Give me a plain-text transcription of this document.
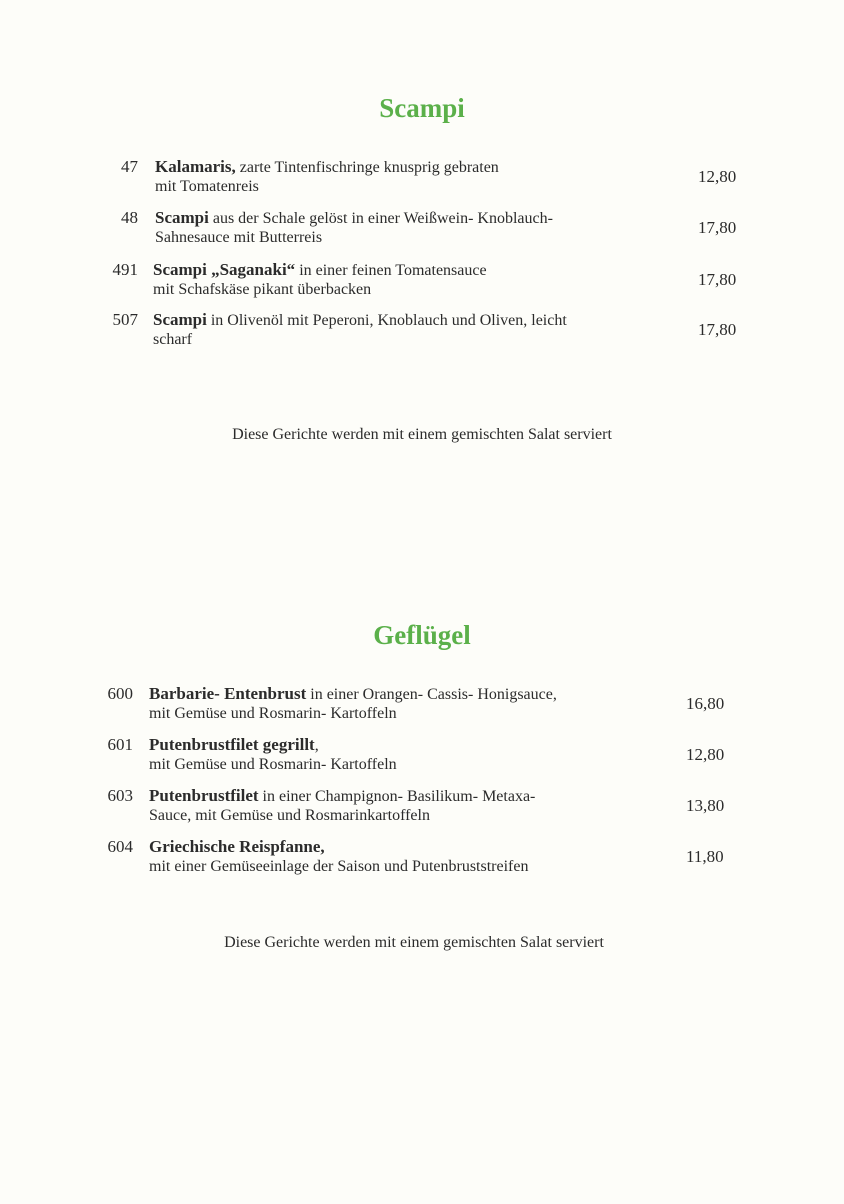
Scampi
47 Kalamaris, zarte Tintenfischringe knusprig gebraten
mit Tomatenreis
12,80
48 Scampi aus der Schale gelöst in einer Weißwein- Knoblauch-
Sahnesauce mit Butterreis
17,80
491 Scampi „Saganaki“ in einer feinen Tomatensauce
mit Schafskäse pikant überbacken
17,80
507 Scampi in Olivenöl mit Peperoni, Knoblauch und Oliven, leicht
scharf
17,80

Diese Gerichte werden mit einem gemischten Salat serviert

Geflügel
600 Barbarie- Entenbrust in einer Orangen- Cassis- Honigsauce,
mit Gemüse und Rosmarin- Kartoffeln
16,80
601 Putenbrustfilet gegrillt,
mit Gemüse und Rosmarin- Kartoffeln
12,80
603 Putenbrustfilet in einer Champignon- Basilikum- Metaxa-
Sauce, mit Gemüse und Rosmarinkartoffeln
13,80
604 Griechische Reispfanne,
mit einer Gemüseeinlage der Saison und Putenbruststreifen
11,80

Diese Gerichte werden mit einem gemischten Salat serviert
